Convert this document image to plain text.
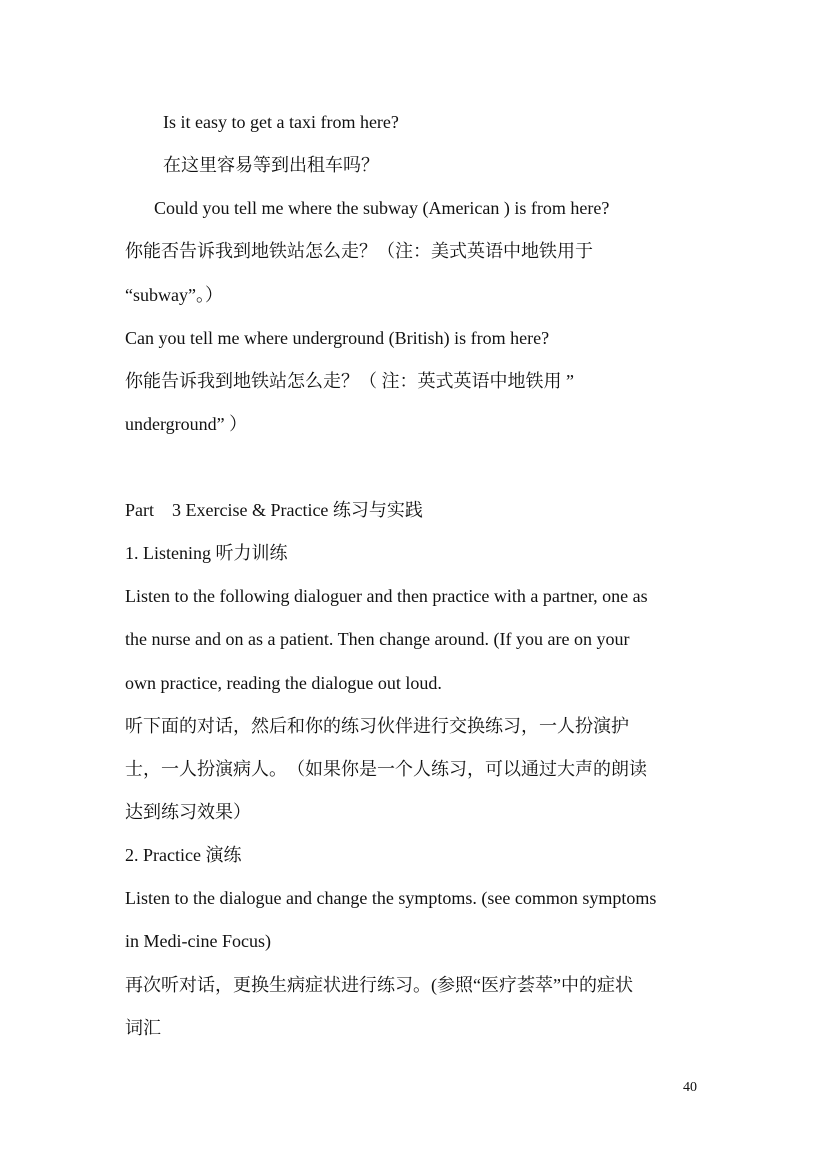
Is it easy to get a taxi from here?
在这里容易等到出租车吗？
Could you tell me where the subway (American ) is from here?
你能否告诉我到地铁站怎么走？（注：美式英语中地铁用于
“subway”。）
Can you tell me where underground (British) is from here?
你能告诉我到地铁站怎么走？（ 注：英式英语中地铁用 ”
underground” ）
Part　3 Exercise & Practice 练习与实践
1. Listening 听力训练
Listen to the following dialoguer and then practice with a partner, one as
the nurse and on as a patient. Then change around. (If you are on your
own practice, reading the dialogue out loud.
听下面的对话，然后和你的练习伙伴进行交换练习，一人扮演护
士，一人扮演病人。　（如果你是一个人练习，可以通过大声的朗读
达到练习效果）
2. Practice 演练
Listen to the dialogue and change the symptoms. (see common symptoms
in Medi-cine Focus)
再次听对话，更换生病症状进行练习。(参照“医疗荟萃”中的症状
词汇
40
